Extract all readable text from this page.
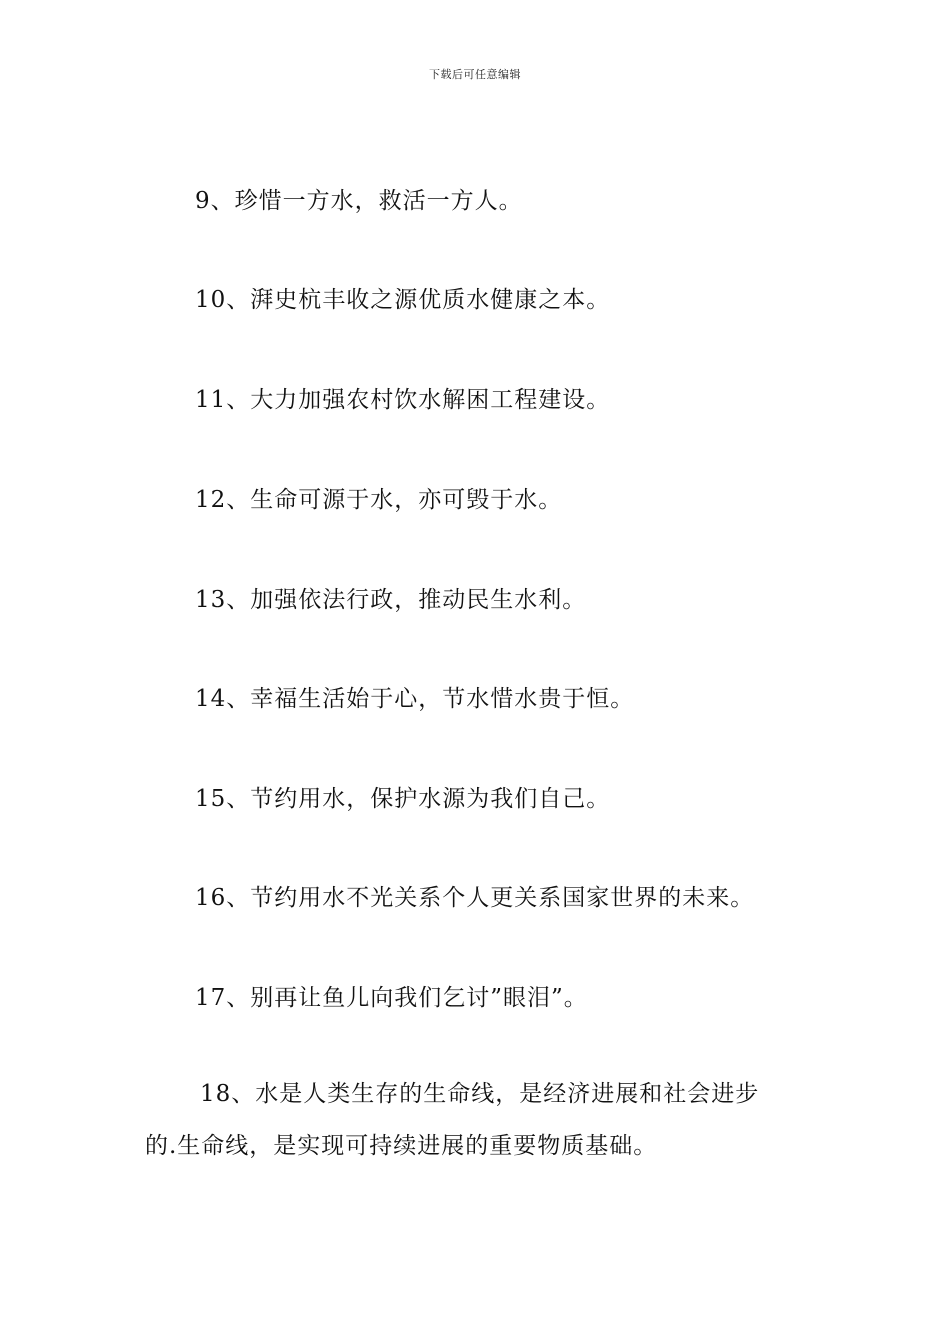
下载后可任意编辑
9、珍惜一方水，救活一方人。
10、湃史杭丰收之源优质水健康之本。
11、大力加强农村饮水解困工程建设。
12、生命可源于水，亦可毁于水。
13、加强依法行政，推动民生水利。
14、幸福生活始于心，节水惜水贵于恒。
15、节约用水，保护水源为我们自己。
16、节约用水不光关系个人更关系国家世界的未来。
17、别再让鱼儿向我们乞讨”眼泪”。
18、水是人类生存的生命线，是经济进展和社会进步
的.生命线，是实现可持续进展的重要物质基础。
